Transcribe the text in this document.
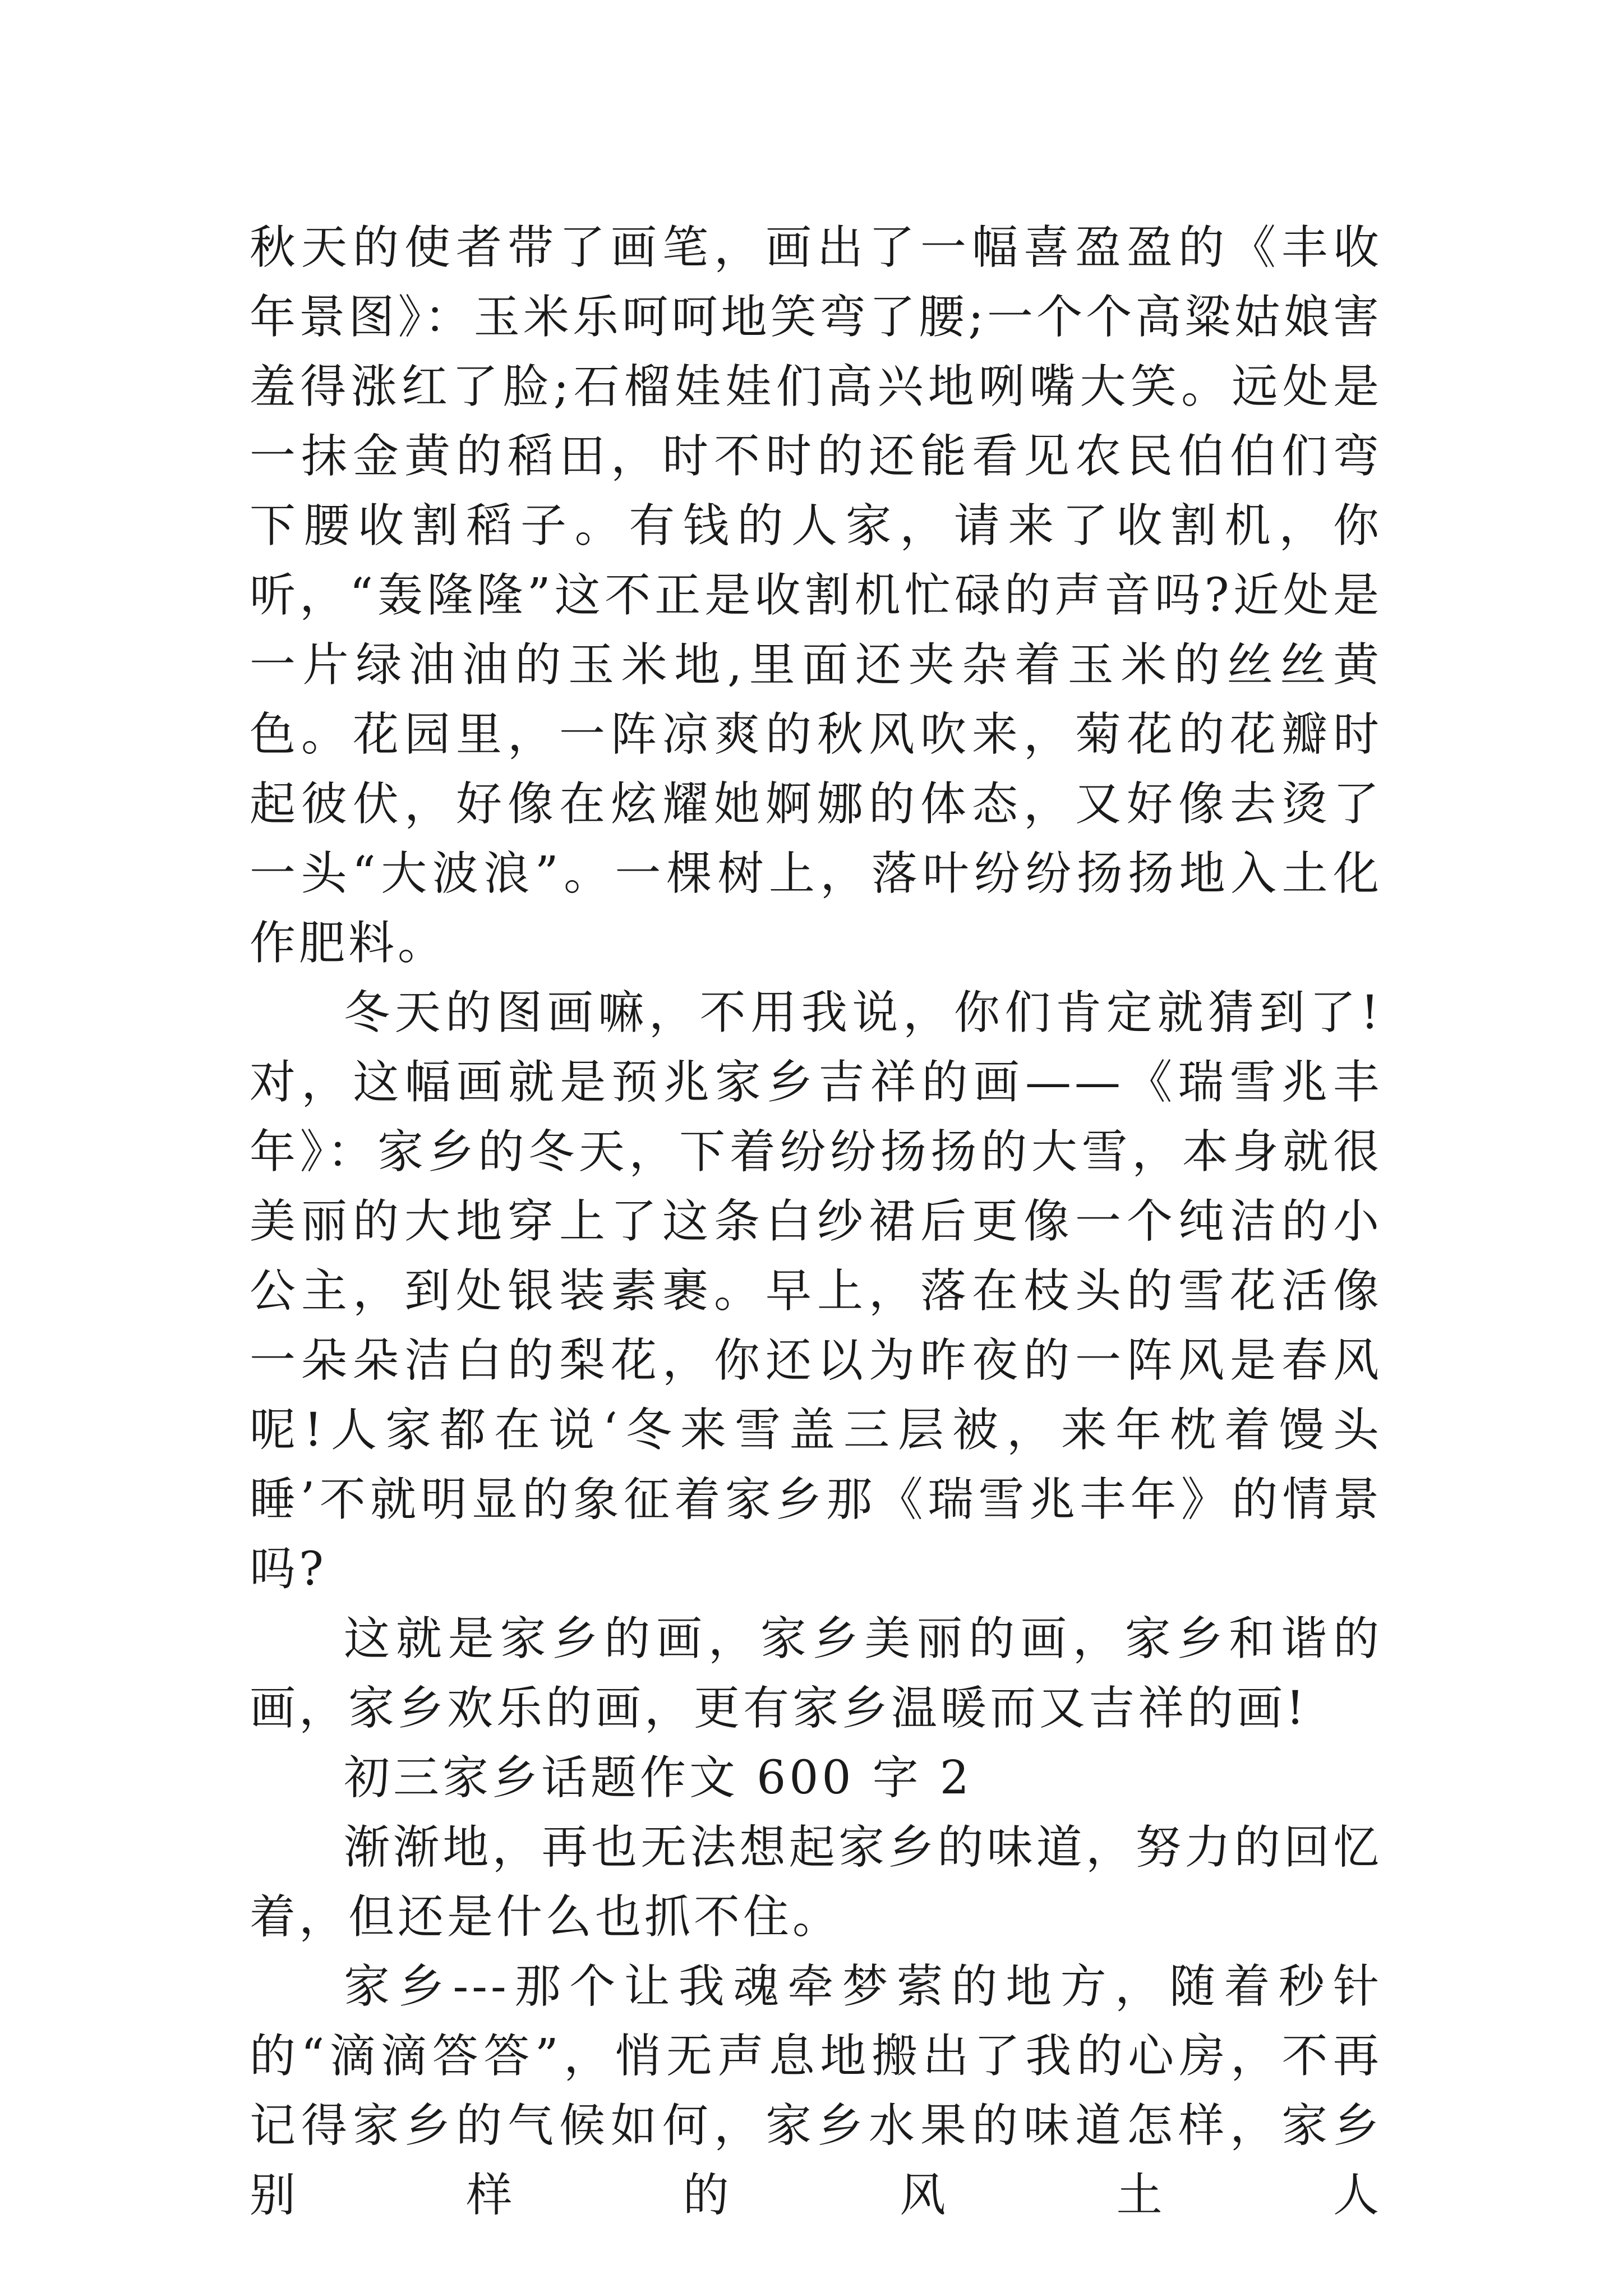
秋天的使者带了画笔，画出了一幅喜盈盈的《丰收年景图》：玉米乐呵呵地笑弯了腰;一个个高粱姑娘害羞得涨红了脸;石榴娃娃们高兴地咧嘴大笑。远处是一抹金黄的稻田，时不时的还能看见农民伯伯们弯下腰收割稻子。有钱的人家，请来了收割机，你听，“轰隆隆”这不正是收割机忙碌的声音吗?近处是一片绿油油的玉米地,里面还夹杂着玉米的丝丝黄色。花园里，一阵凉爽的秋风吹来，菊花的花瓣时起彼伏，好像在炫耀她婀娜的体态，又好像去烫了一头“大波浪”。一棵树上，落叶纷纷扬扬地入土化作肥料。

冬天的图画嘛，不用我说，你们肯定就猜到了!对，这幅画就是预兆家乡吉祥的画——《瑞雪兆丰年》：家乡的冬天，下着纷纷扬扬的大雪，本身就很美丽的大地穿上了这条白纱裙后更像一个纯洁的小公主，到处银装素裹。早上，落在枝头的雪花活像一朵朵洁白的梨花，你还以为昨夜的一阵风是春风呢!人家都在说‘冬来雪盖三层被，来年枕着馒头睡’不就明显的象征着家乡那《瑞雪兆丰年》的情景吗?

这就是家乡的画，家乡美丽的画，家乡和谐的画，家乡欢乐的画，更有家乡温暖而又吉祥的画!

初三家乡话题作文 600 字 2

渐渐地，再也无法想起家乡的味道，努力的回忆着，但还是什么也抓不住。

家乡---那个让我魂牵梦萦的地方，随着秒针的“滴滴答答”，悄无声息地搬出了我的心房，不再记得家乡的气候如何，家乡水果的味道怎样，家乡别样的风土人
